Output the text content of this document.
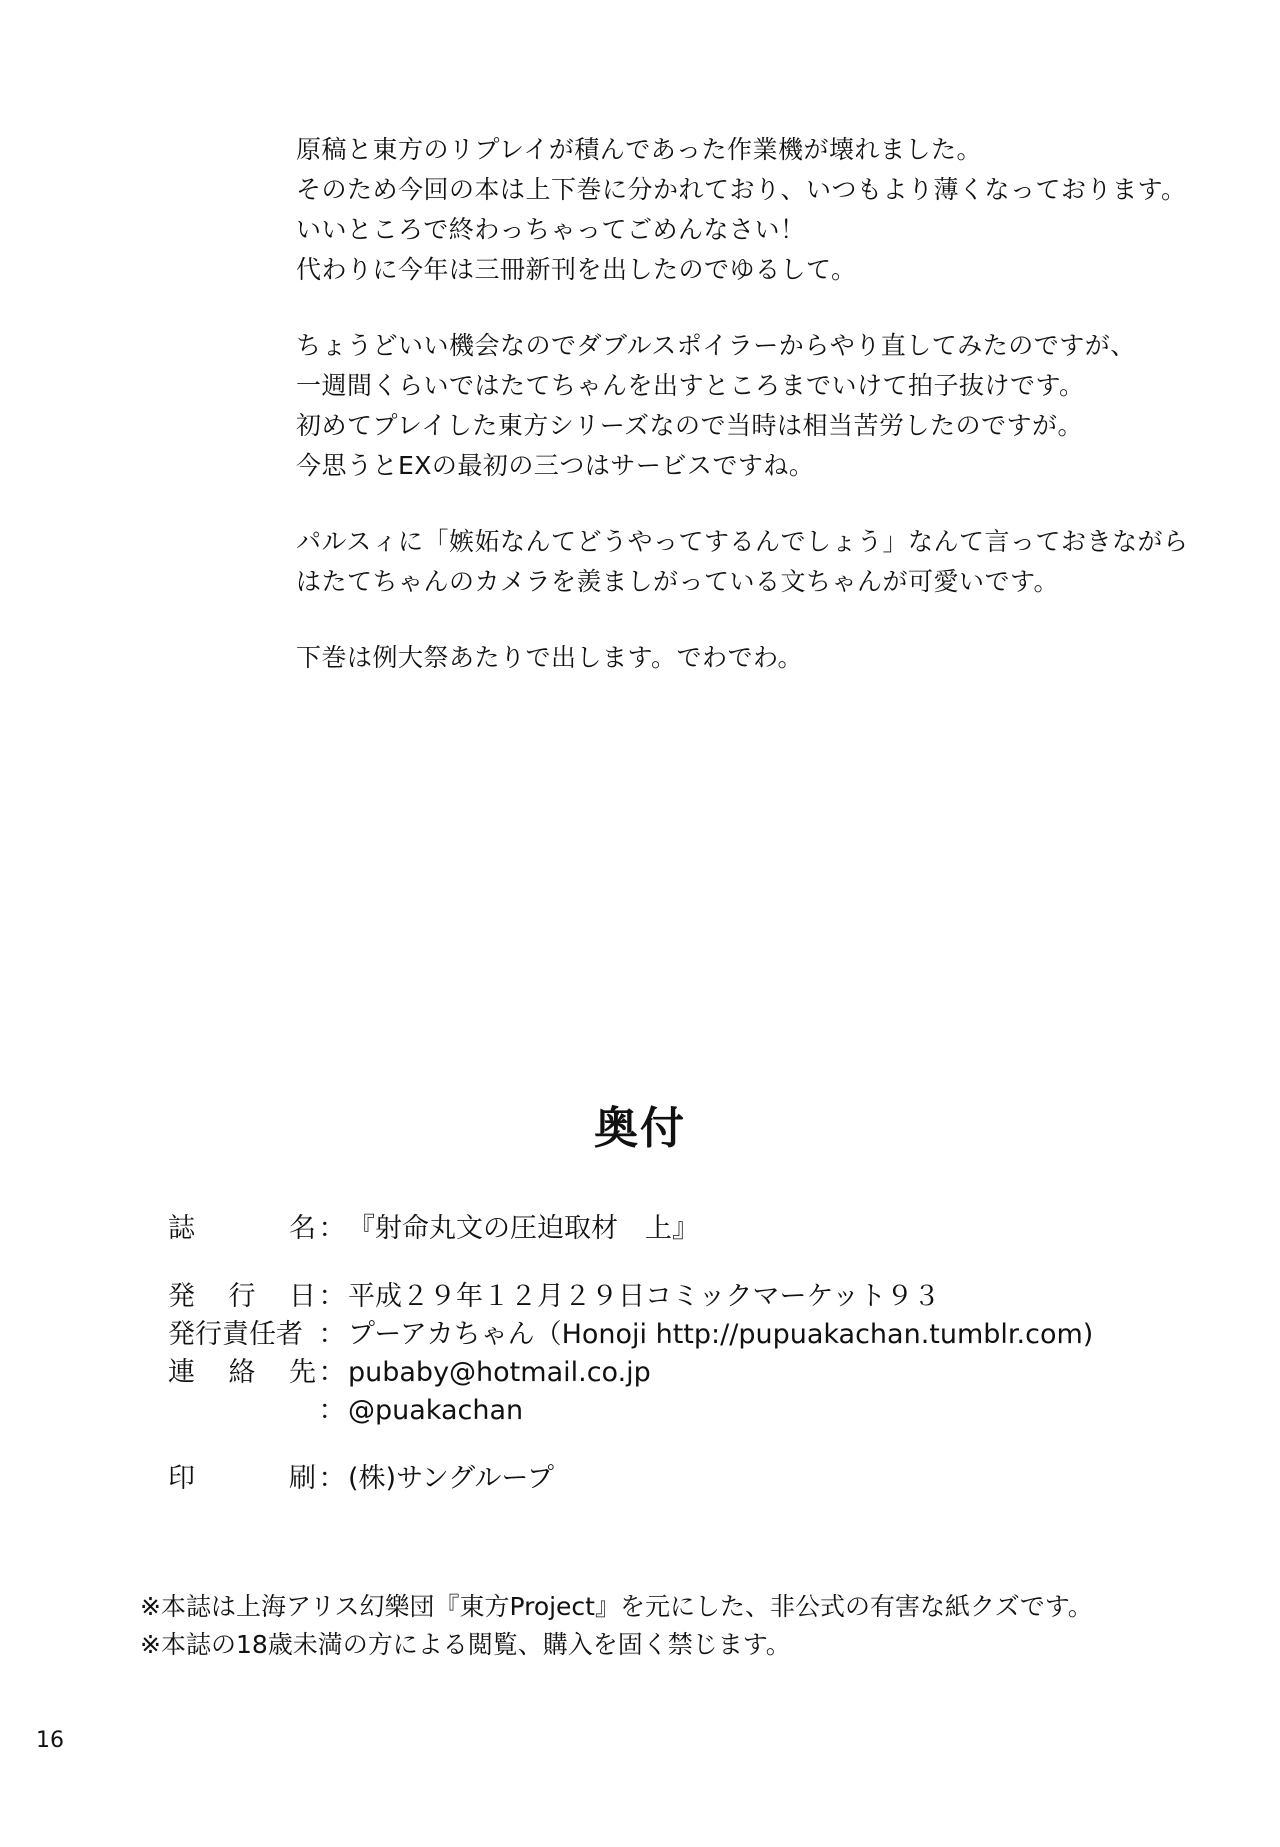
原稿と東方のリプレイが積んであった作業機が壊れました。
そのため今回の本は上下巻に分かれており、いつもより薄くなっております。
いいところで終わっちゃってごめんなさい！
代わりに今年は三冊新刊を出したのでゆるして。
ちょうどいい機会なのでダブルスポイラーからやり直してみたのですが、
一週間くらいではたてちゃんを出すところまでいけて拍子抜けです。
初めてプレイした東方シリーズなので当時は相当苦労したのですが。
今思うとEXの最初の三つはサービスですね。
パルスィに「嫉妬なんてどうやってするんでしょう」なんて言っておきながら
はたてちゃんのカメラを羨ましがっている文ちゃんが可愛いです。
下巻は例大祭あたりで出します。でわでわ。
奥付
誌	名 ： 『射命丸文の圧迫取材　上』
発 行 日 ： 平成２９年１２月２９日コミックマーケット９３
発行責任者 ： プーアカちゃん（Honoji http://pupuakachan.tumblr.com)
連 絡 先 ： pubaby@hotmail.co.jp
： @puakachan
印	刷 ： (株)サングループ
※本誌は上海アリス幻樂団『東方Project』を元にした、非公式の有害な紙クズです。
※本誌の18歳未満の方による閲覧、購入を固く禁じます。
16
